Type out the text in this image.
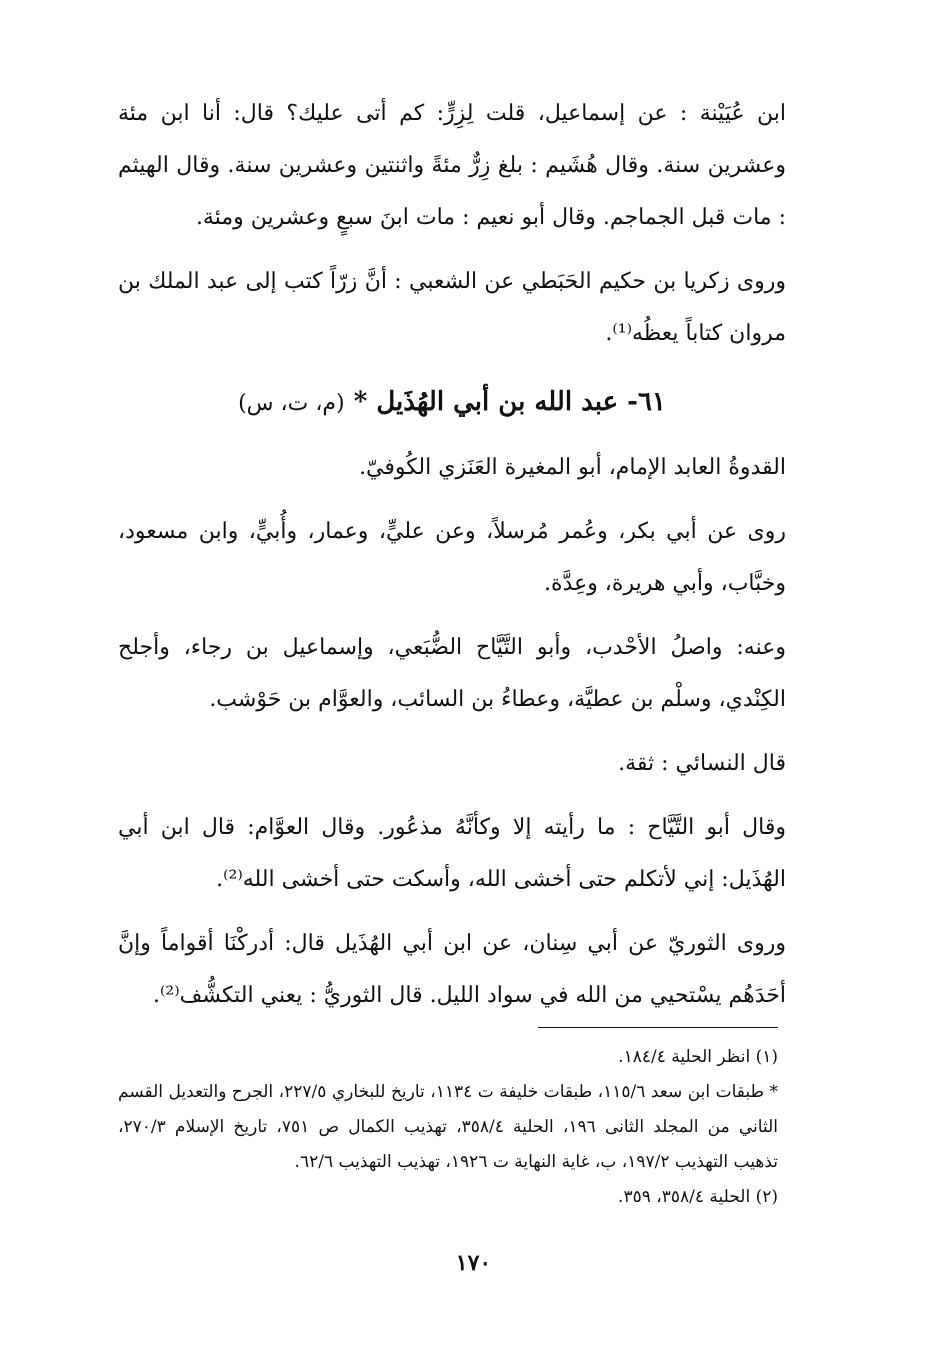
ابن عُيَيْنة : عن إسماعيل، قلت لِزِرٍّ: كم أتى عليك؟ قال: أنا ابن مئة وعشرين سنة. وقال هُشَيم : بلغ زِرٌّ مئةً واثنتين وعشرين سنة. وقال الهيثم : مات قبل الجماجم. وقال أبو نعيم : مات ابنَ سبعٍ وعشرين ومئة.

وروى زكريا بن حكيم الحَبَطي عن الشعبي : أنَّ زرّاً كتب إلى عبد الملك بن مروان كتاباً يعظُه⁽¹⁾.

٦١- عبد الله بن أبي الهُذَيل * (م، ت، س)

القدوةُ العابد الإمام، أبو المغيرة العَنَزي الكُوفيّ.

روى عن أبي بكر، وعُمر مُرسلاً، وعن عليٍّ، وعمار، وأُبيٍّ، وابن مسعود، وخبَّاب، وأبي هريرة، وعِدَّة.

وعنه: واصلُ الأحْدب، وأبو التَّيَّاح الضُّبَعي، وإسماعيل بن رجاء، وأجلح الكِنْدي، وسلْم بن عطيَّة، وعطاءُ بن السائب، والعوَّام بن حَوْشب.

قال النسائي : ثقة.

وقال أبو التَّيَّاح : ما رأيته إلا وكأنَّهُ مذعُور. وقال العوَّام: قال ابن أبي الهُذَيل: إني لأتكلم حتى أخشى الله، وأسكت حتى أخشى الله⁽²⁾.

وروى الثوريّ عن أبي سِنان، عن ابن أبي الهُذَيل قال: أدركْنَا أقواماً وإنَّ أحَدَهُم يسْتحيي من الله في سواد الليل. قال الثوريُّ : يعني التكشُّف⁽²⁾.

(١) انظر الحلية ١٨٤/٤.

* طبقات ابن سعد ١١٥/٦، طبقات خليفة ت ١١٣٤، تاريخ للبخاري ٢٢٧/٥، الجرح والتعديل القسم الثاني من المجلد الثانى ١٩٦، الحلية ٣٥٨/٤، تهذيب الكمال ص ٧٥١، تاريخ الإسلام ٢٧٠/٣، تذهيب التهذيب ١٩٧/٢، ب، غاية النهاية ت ١٩٢٦، تهذيب التهذيب ٦٢/٦.

(٢) الحلية ٣٥٨/٤، ٣٥٩.

١٧٠
